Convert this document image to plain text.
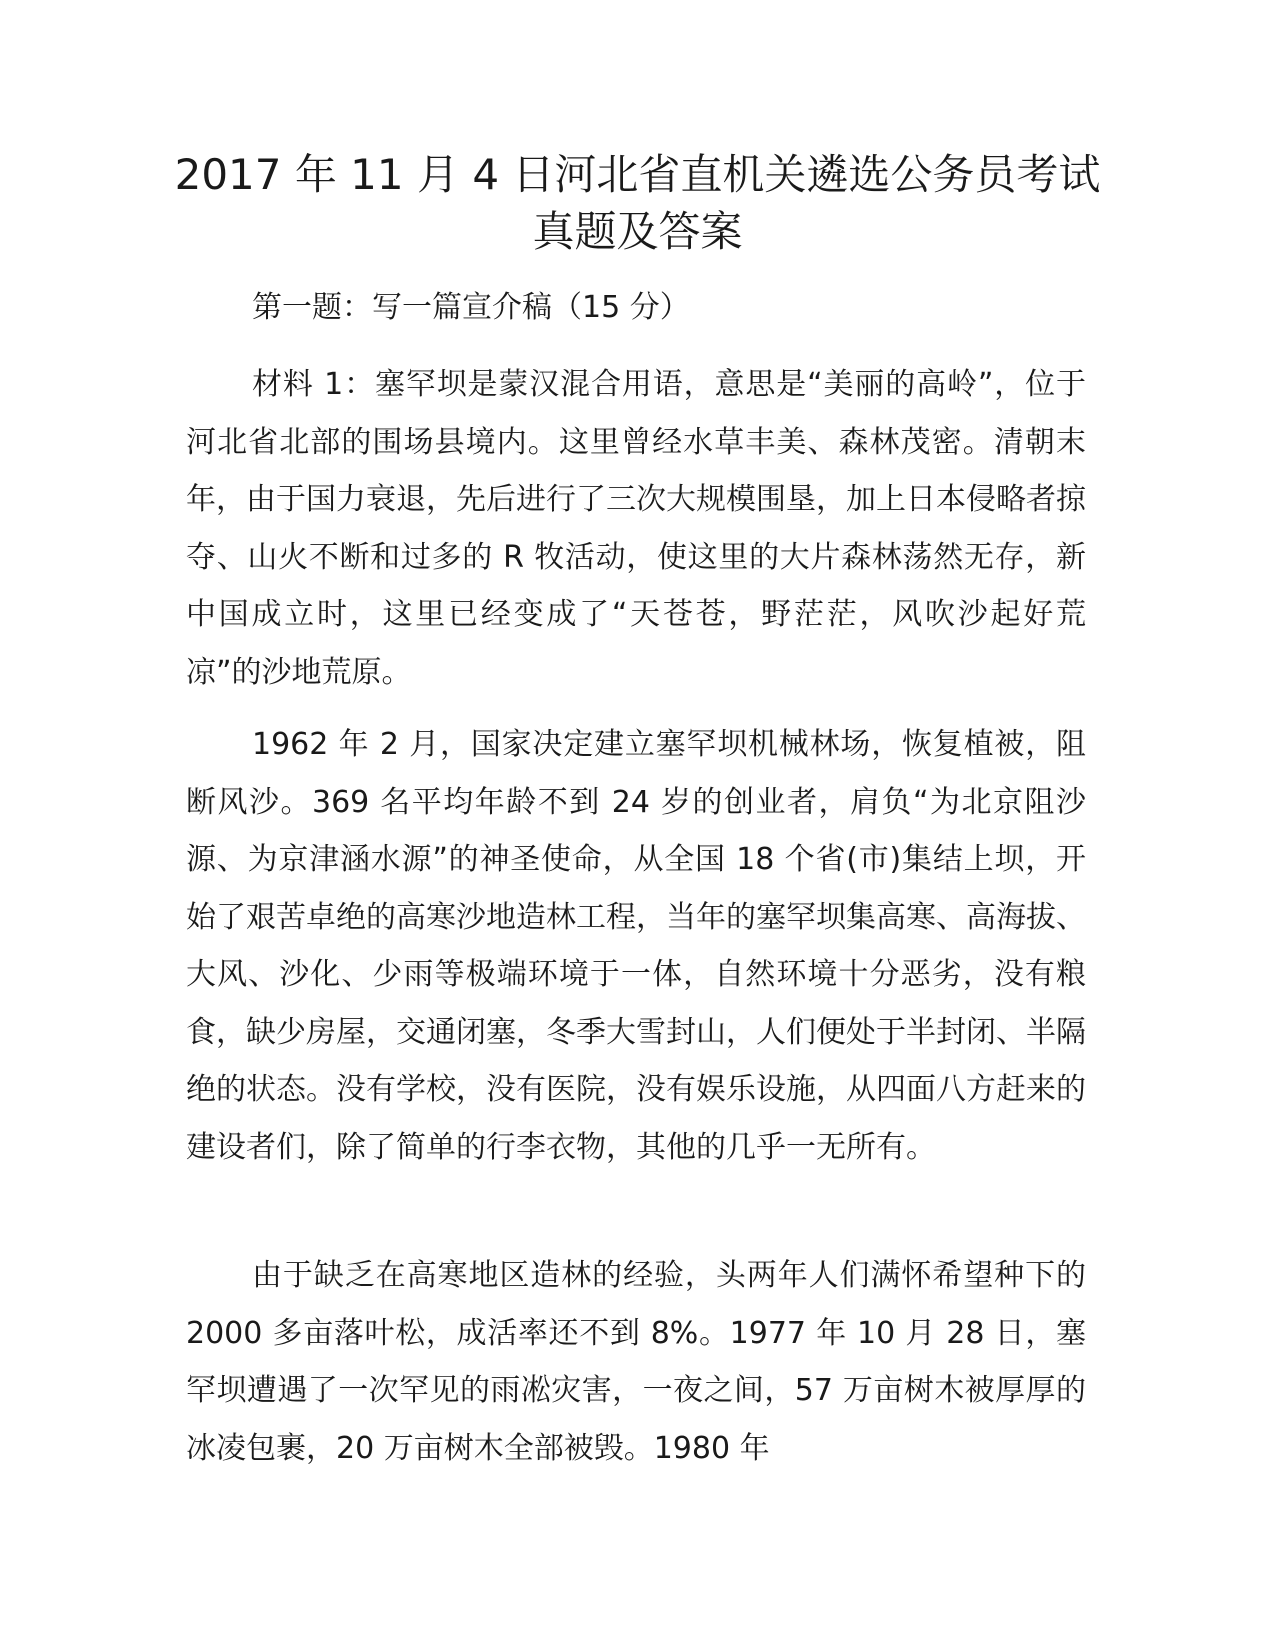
2017 年 11 月 4 日河北省直机关遴选公务员考试
真题及答案

第一题：写一篇宣介稿（15 分）

材料 1：塞罕坝是蒙汉混合用语，意思是“美丽的高岭”，位于河北省北部的围场县境内。这里曾经水草丰美、森林茂密。清朝末年，由于国力衰退，先后进行了三次大规模围垦，加上日本侵略者掠夺、山火不断和过多的 R 牧活动，使这里的大片森林荡然无存，新中国成立时，这里已经变成了“天苍苍，野茫茫，风吹沙起好荒凉”的沙地荒原。

1962 年 2 月，国家决定建立塞罕坝机械林场，恢复植被，阻断风沙。369 名平均年龄不到 24 岁的创业者，肩负“为北京阻沙源、为京津涵水源”的神圣使命，从全国 18 个省(市)集结上坝，开始了艰苦卓绝的高寒沙地造林工程，当年的塞罕坝集高寒、高海拔、大风、沙化、少雨等极端环境于一体，自然环境十分恶劣，没有粮食，缺少房屋，交通闭塞，冬季大雪封山，人们便处于半封闭、半隔绝的状态。没有学校，没有医院，没有娱乐设施，从四面八方赶来的建设者们，除了简单的行李衣物，其他的几乎一无所有。

由于缺乏在高寒地区造林的经验，头两年人们满怀希望种下的 2000 多亩落叶松，成活率还不到 8%。1977 年 10 月 28 日，塞罕坝遭遇了一次罕见的雨凇灾害，一夜之间，57 万亩树木被厚厚的冰凌包裹，20 万亩树木全部被毁。1980 年
